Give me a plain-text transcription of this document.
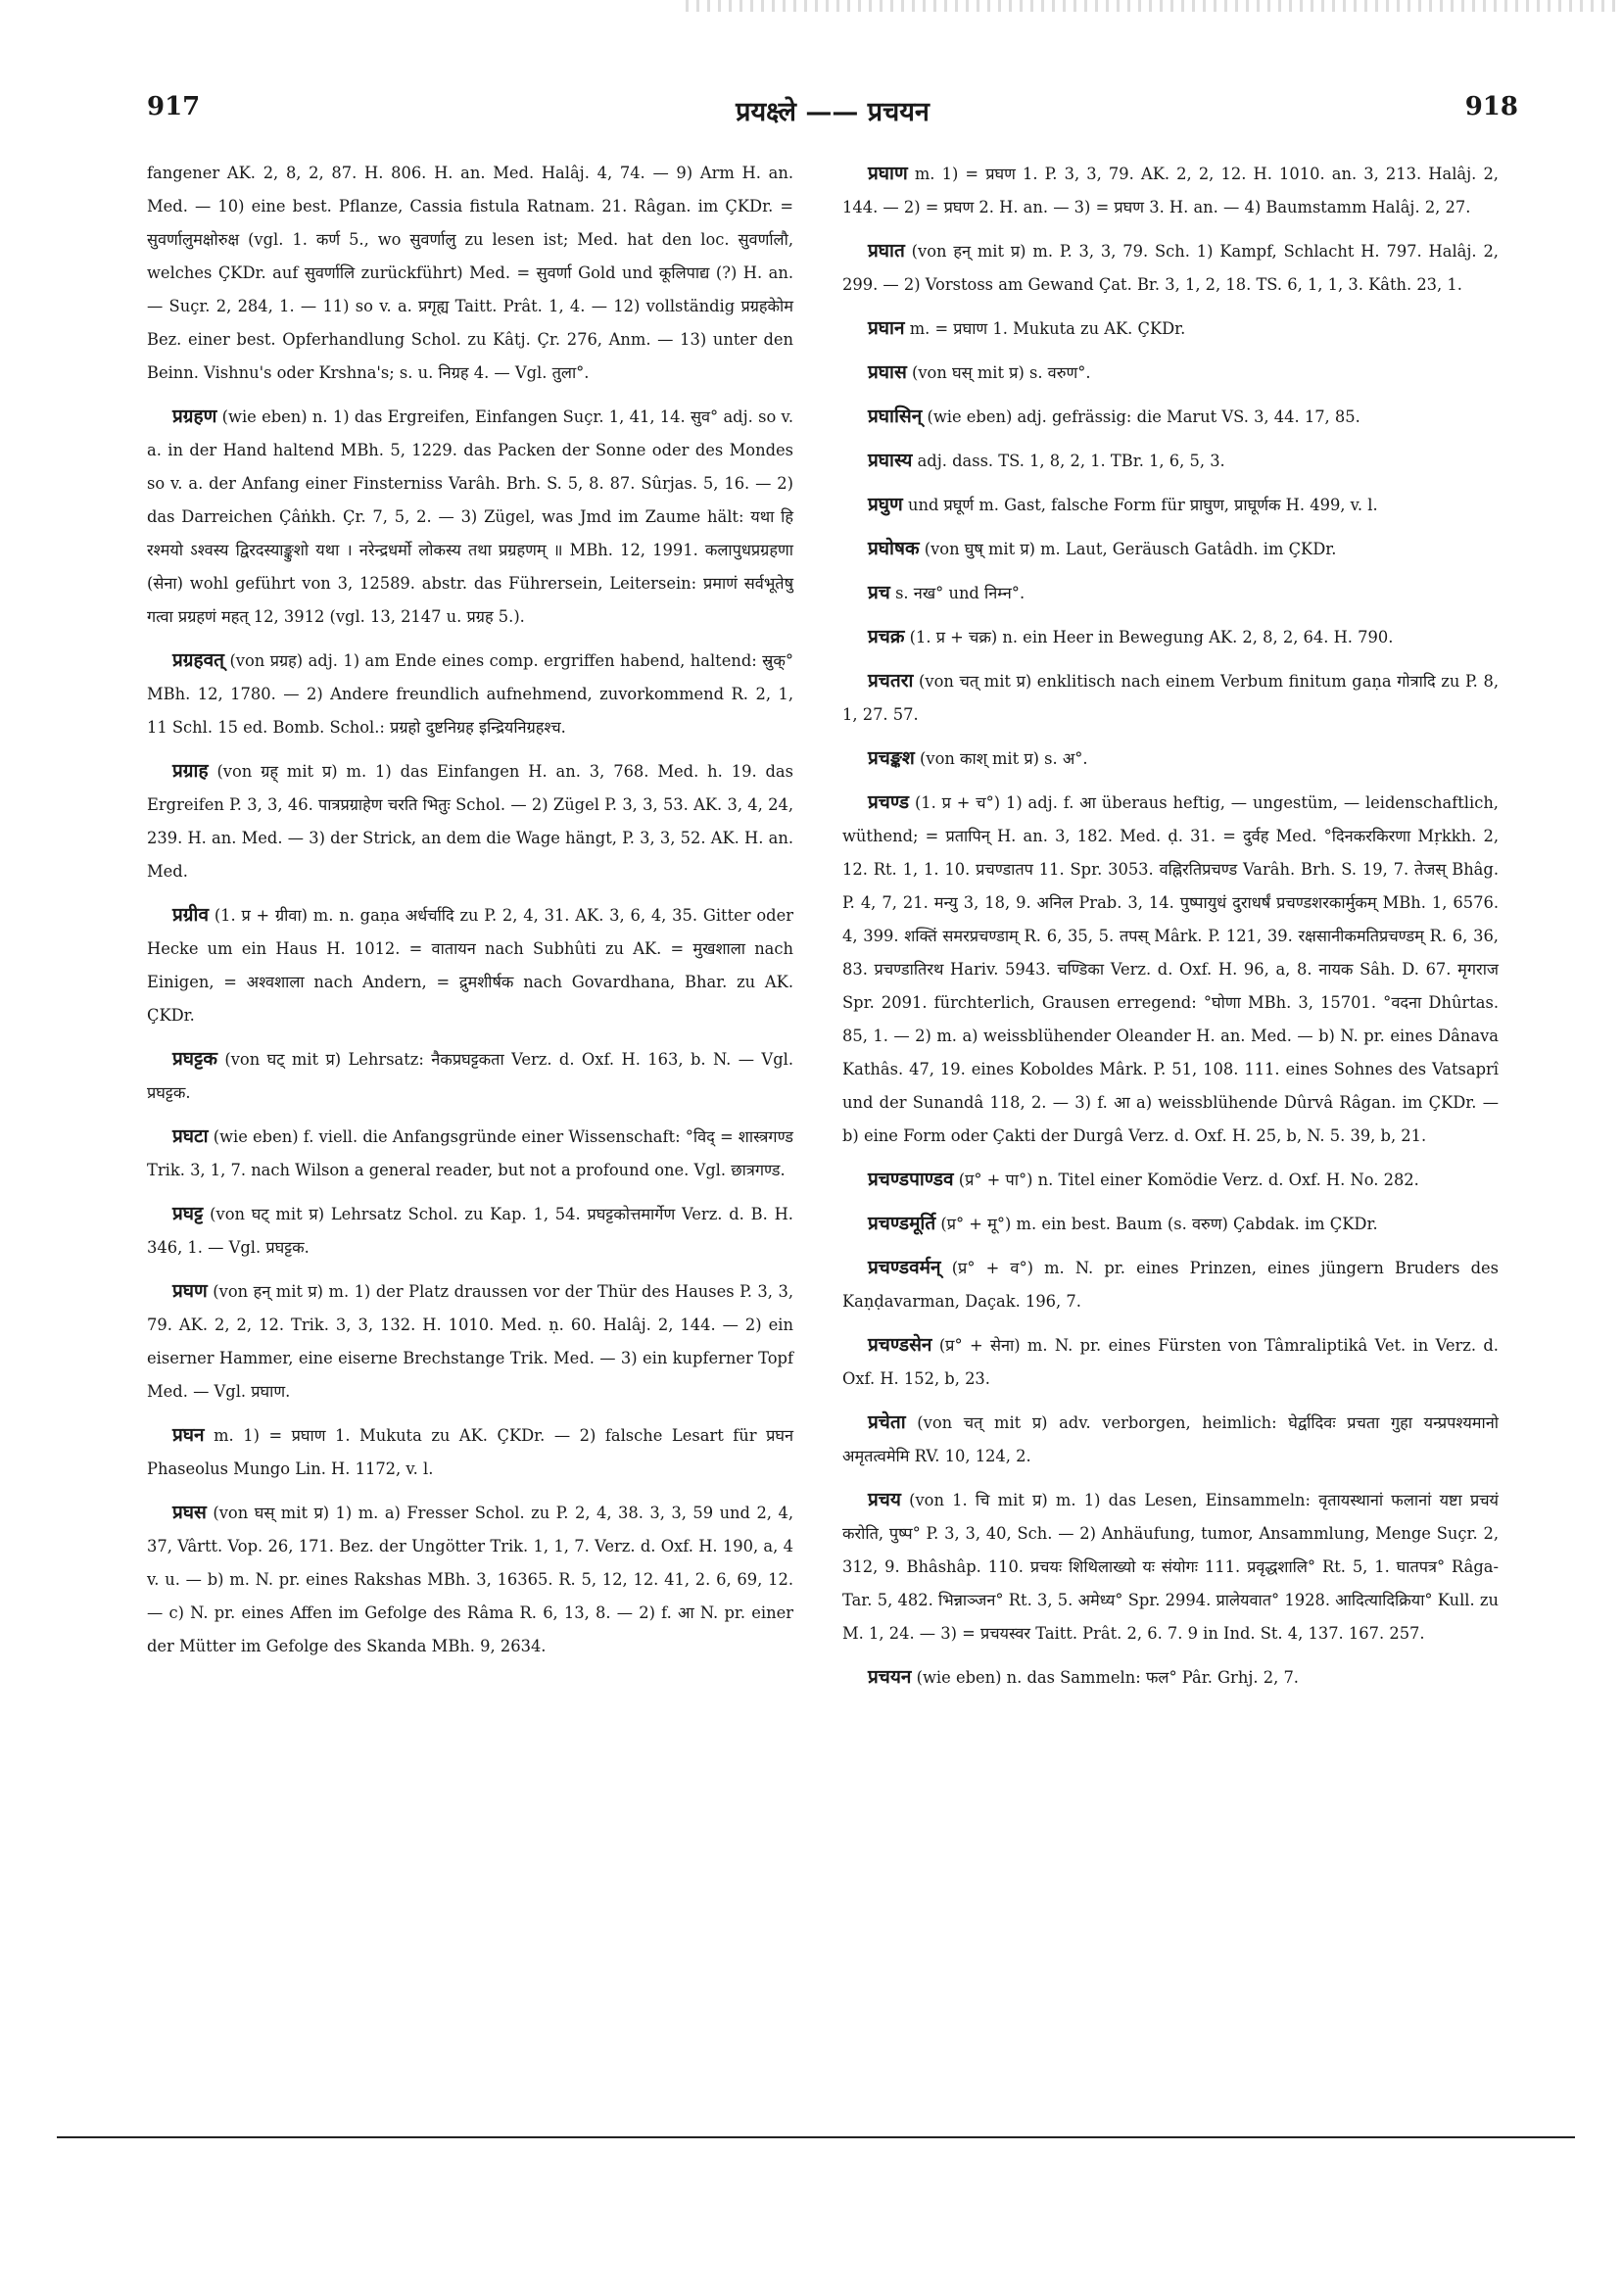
917	प्रयक्ष्ले —— प्रचयन	918

fangener AK. 2, 8, 2, 87. H. 806. H. an. Med. Halâj. 4, 74. — 9) Arm H. an. Med. — 10) eine best. Pflanze, Cassia fistula Ratnam. 21. Râgan. im ÇKDr. = सुवर्णालुमक्षोरुक्ष (vgl. 1. कर्ण 5., wo सुवर्णालु zu lesen ist; Med. hat den loc. सुवर्णालौ, welches ÇKDr. auf सुवर्णालि zurückführt) Med. = सुवर्णा Gold und कूलिपाद्य (?) H. an. — Suçr. 2, 284, 1. — 11) so v. a. प्रगृह्य Taitt. Prât. 1, 4. — 12) vollständig प्रग्रहकेोम Bez. einer best. Opferhandlung Schol. zu Kâtj. Çr. 276, Anm. — 13) unter den Beinn. Vishnu's oder Krshna's; s. u. निग्रह 4. — Vgl. तुला°.

प्रग्रहण (wie eben) n. 1) das Ergreifen, Einfangen Suçr. 1, 41, 14. सुव° adj. so v. a. in der Hand haltend MBh. 5, 1229. das Packen der Sonne oder des Mondes so v. a. der Anfang einer Finsterniss Varâh. Brh. S. 5, 8. 87. Sûrjas. 5, 16. — 2) das Darreichen Çâṅkh. Çr. 7, 5, 2. — 3) Zügel, was Jmd im Zaume hält: यथा हि रश्मयो ऽश्वस्य द्विरदस्याङ्कुशो यथा । नरेन्द्रधर्मो लोकस्य तथा प्रग्रहणम् ॥ MBh. 12, 1991. कलापुधप्रग्रहणा (सेना) wohl geführt von 3, 12589. abstr. das Führersein, Leitersein: प्रमाणं सर्वभूतेषु गत्वा प्रग्रहणं महत् 12, 3912 (vgl. 13, 2147 u. प्रग्रह 5.).

प्रग्रहवत् (von प्रग्रह) adj. 1) am Ende eines comp. ergriffen habend, haltend: स्रुक्° MBh. 12, 1780. — 2) Andere freundlich aufnehmend, zuvorkommend R. 2, 1, 11 Schl. 15 ed. Bomb. Schol.: प्रग्रहो दुष्टनिग्रह इन्द्रियनिग्रहश्च.

प्रग्राह (von ग्रह् mit प्र) m. 1) das Einfangen H. an. 3, 768. Med. h. 19. das Ergreifen P. 3, 3, 46. पात्रप्रग्राहेण चरति भितुः Schol. — 2) Zügel P. 3, 3, 53. AK. 3, 4, 24, 239. H. an. Med. — 3) der Strick, an dem die Wage hängt, P. 3, 3, 52. AK. H. an. Med.

प्रग्रीव (1. प्र + ग्रीवा) m. n. gaṇa अर्धर्चादि zu P. 2, 4, 31. AK. 3, 6, 4, 35. Gitter oder Hecke um ein Haus H. 1012. = वातायन nach Subhûti zu AK. = मुखशाला nach Einigen, = अश्वशाला nach Andern, = द्रुमशीर्षक nach Govardhana, Bhar. zu AK. ÇKDr.

प्रघट्टक (von घट् mit प्र) Lehrsatz: नैकप्रघट्टकता Verz. d. Oxf. H. 163, b. N. — Vgl. प्रघट्टक.

प्रघटा (wie eben) f. viell. die Anfangsgründe einer Wissenschaft: °विद् = शास्त्रगण्ड Trik. 3, 1, 7. nach Wilson a general reader, but not a profound one. Vgl. छात्रगण्ड.

प्रघट्ट (von घट् mit प्र) Lehrsatz Schol. zu Kap. 1, 54. प्रघट्टकोत्तमार्गेण Verz. d. B. H. 346, 1. — Vgl. प्रघट्टक.

प्रघण (von हन् mit प्र) m. 1) der Platz draussen vor der Thür des Hauses P. 3, 3, 79. AK. 2, 2, 12. Trik. 3, 3, 132. H. 1010. Med. ṇ. 60. Halâj. 2, 144. — 2) ein eiserner Hammer, eine eiserne Brechstange Trik. Med. — 3) ein kupferner Topf Med. — Vgl. प्रघाण.

प्रघन m. 1) = प्रघाण 1. Mukuta zu AK. ÇKDr. — 2) falsche Lesart für प्रघन Phaseolus Mungo Lin. H. 1172, v. l.

प्रघस (von घस् mit प्र) 1) m. a) Fresser Schol. zu P. 2, 4, 38. 3, 3, 59 und 2, 4, 37, Vârtt. Vop. 26, 171. Bez. der Ungötter Trik. 1, 1, 7. Verz. d. Oxf. H. 190, a, 4 v. u. — b) m. N. pr. eines Rakshas MBh. 3, 16365. R. 5, 12, 12. 41, 2. 6, 69, 12. — c) N. pr. eines Affen im Gefolge des Râma R. 6, 13, 8. — 2) f. आ N. pr. einer der Mütter im Gefolge des Skanda MBh. 9, 2634.

प्रघाण m. 1) = प्रघण 1. P. 3, 3, 79. AK. 2, 2, 12. H. 1010. an. 3, 213. Halâj. 2, 144. — 2) = प्रघण 2. H. an. — 3) = प्रघण 3. H. an. — 4) Baumstamm Halâj. 2, 27.

प्रघात (von हन् mit प्र) m. P. 3, 3, 79. Sch. 1) Kampf, Schlacht H. 797. Halâj. 2, 299. — 2) Vorstoss am Gewand Çat. Br. 3, 1, 2, 18. TS. 6, 1, 1, 3. Kâth. 23, 1.

प्रघान m. = प्रघाण 1. Mukuta zu AK. ÇKDr.

प्रघास (von घस् mit प्र) s. वरुण°.

प्रघासिन् (wie eben) adj. gefrässig: die Marut VS. 3, 44. 17, 85.

प्रघास्य adj. dass. TS. 1, 8, 2, 1. TBr. 1, 6, 5, 3.

प्रघुण und प्रघूर्ण m. Gast, falsche Form für प्राघुण, प्राघूर्णक H. 499, v. l.

प्रघोषक (von घुष् mit प्र) m. Laut, Geräusch Gatâdh. im ÇKDr.

प्रच s. नख° und निम्न°.

प्रचक्र (1. प्र + चक्र) n. ein Heer in Bewegung AK. 2, 8, 2, 64. H. 790.

प्रचतरा (von चत् mit प्र) enklitisch nach einem Verbum finitum gaṇa गोत्रादि zu P. 8, 1, 27. 57.

प्रचङ्कश (von काश् mit प्र) s. अ°.

प्रचण्ड (1. प्र + च°) 1) adj. f. आ überaus heftig, — ungestüm, — leidenschaftlich, wüthend; = प्रतापिन् H. an. 3, 182. Med. ḍ. 31. = दुर्वह Med. °दिनकरकिरणा Mṛkkh. 2, 12. Rt. 1, 1. 10. प्रचण्डातप 11. Spr. 3053. वह्निरतिप्रचण्ड Varâh. Brh. S. 19, 7. तेजस् Bhâg. P. 4, 7, 21. मन्यु 3, 18, 9. अनिल Prab. 3, 14. पुष्पायुधं दुराधर्षं प्रचण्डशरकार्मुकम् MBh. 1, 6576. 4, 399. शक्तिं समरप्रचण्डाम् R. 6, 35, 5. तपस् Mârk. P. 121, 39. रक्षसानीकमतिप्रचण्डम् R. 6, 36, 83. प्रचण्डातिरथ Hariv. 5943. चण्डिका Verz. d. Oxf. H. 96, a, 8. नायक Sâh. D. 67. मृगराज Spr. 2091. fürchterlich, Grausen erregend: °घोणा MBh. 3, 15701. °वदना Dhûrtas. 85, 1. — 2) m. a) weissblühender Oleander H. an. Med. — b) N. pr. eines Dânava Kathâs. 47, 19. eines Koboldes Mârk. P. 51, 108. 111. eines Sohnes des Vatsaprî und der Sunandâ 118, 2. — 3) f. आ a) weissblühende Dûrvâ Râgan. im ÇKDr. — b) eine Form oder Çakti der Durgâ Verz. d. Oxf. H. 25, b, N. 5. 39, b, 21.

प्रचण्डपाण्डव (प्र° + पा°) n. Titel einer Komödie Verz. d. Oxf. H. No. 282.

प्रचण्डमूर्ति (प्र° + मू°) m. ein best. Baum (s. वरुण) Çabdak. im ÇKDr.

प्रचण्डवर्मन् (प्र° + व°) m. N. pr. eines Prinzen, eines jüngern Bruders des Kaṇḍavarman, Daçak. 196, 7.

प्रचण्डसेन (प्र° + सेना) m. N. pr. eines Fürsten von Tâmraliptikâ Vet. in Verz. d. Oxf. H. 152, b, 23.

प्रचेता (von चत् mit प्र) adv. verborgen, heimlich: घेर्द्वादिवः प्रचता गुहा यन्प्रपश्यमानो अमृतत्वमेमि RV. 10, 124, 2.

प्रचय (von 1. चि mit प्र) m. 1) das Lesen, Einsammeln: वृतायस्थानां फलानां यष्टा प्रचयं करोति, पुष्प° P. 3, 3, 40, Sch. — 2) Anhäufung, tumor, Ansammlung, Menge Suçr. 2, 312, 9. Bhâshâp. 110. प्रचयः शिथिलाख्यो यः संयोगः 111. प्रवृद्धशालि° Rt. 5, 1. घातपत्र° Râga-Tar. 5, 482. भिन्नाञ्जन° Rt. 3, 5. अमेध्य° Spr. 2994. प्रालेयवात° 1928. आदित्यादिक्रिया° Kull. zu M. 1, 24. — 3) = प्रचयस्वर Taitt. Prât. 2, 6. 7. 9 in Ind. St. 4, 137. 167. 257.

प्रचयन (wie eben) n. das Sammeln: फल° Pâr. Grhj. 2, 7.
